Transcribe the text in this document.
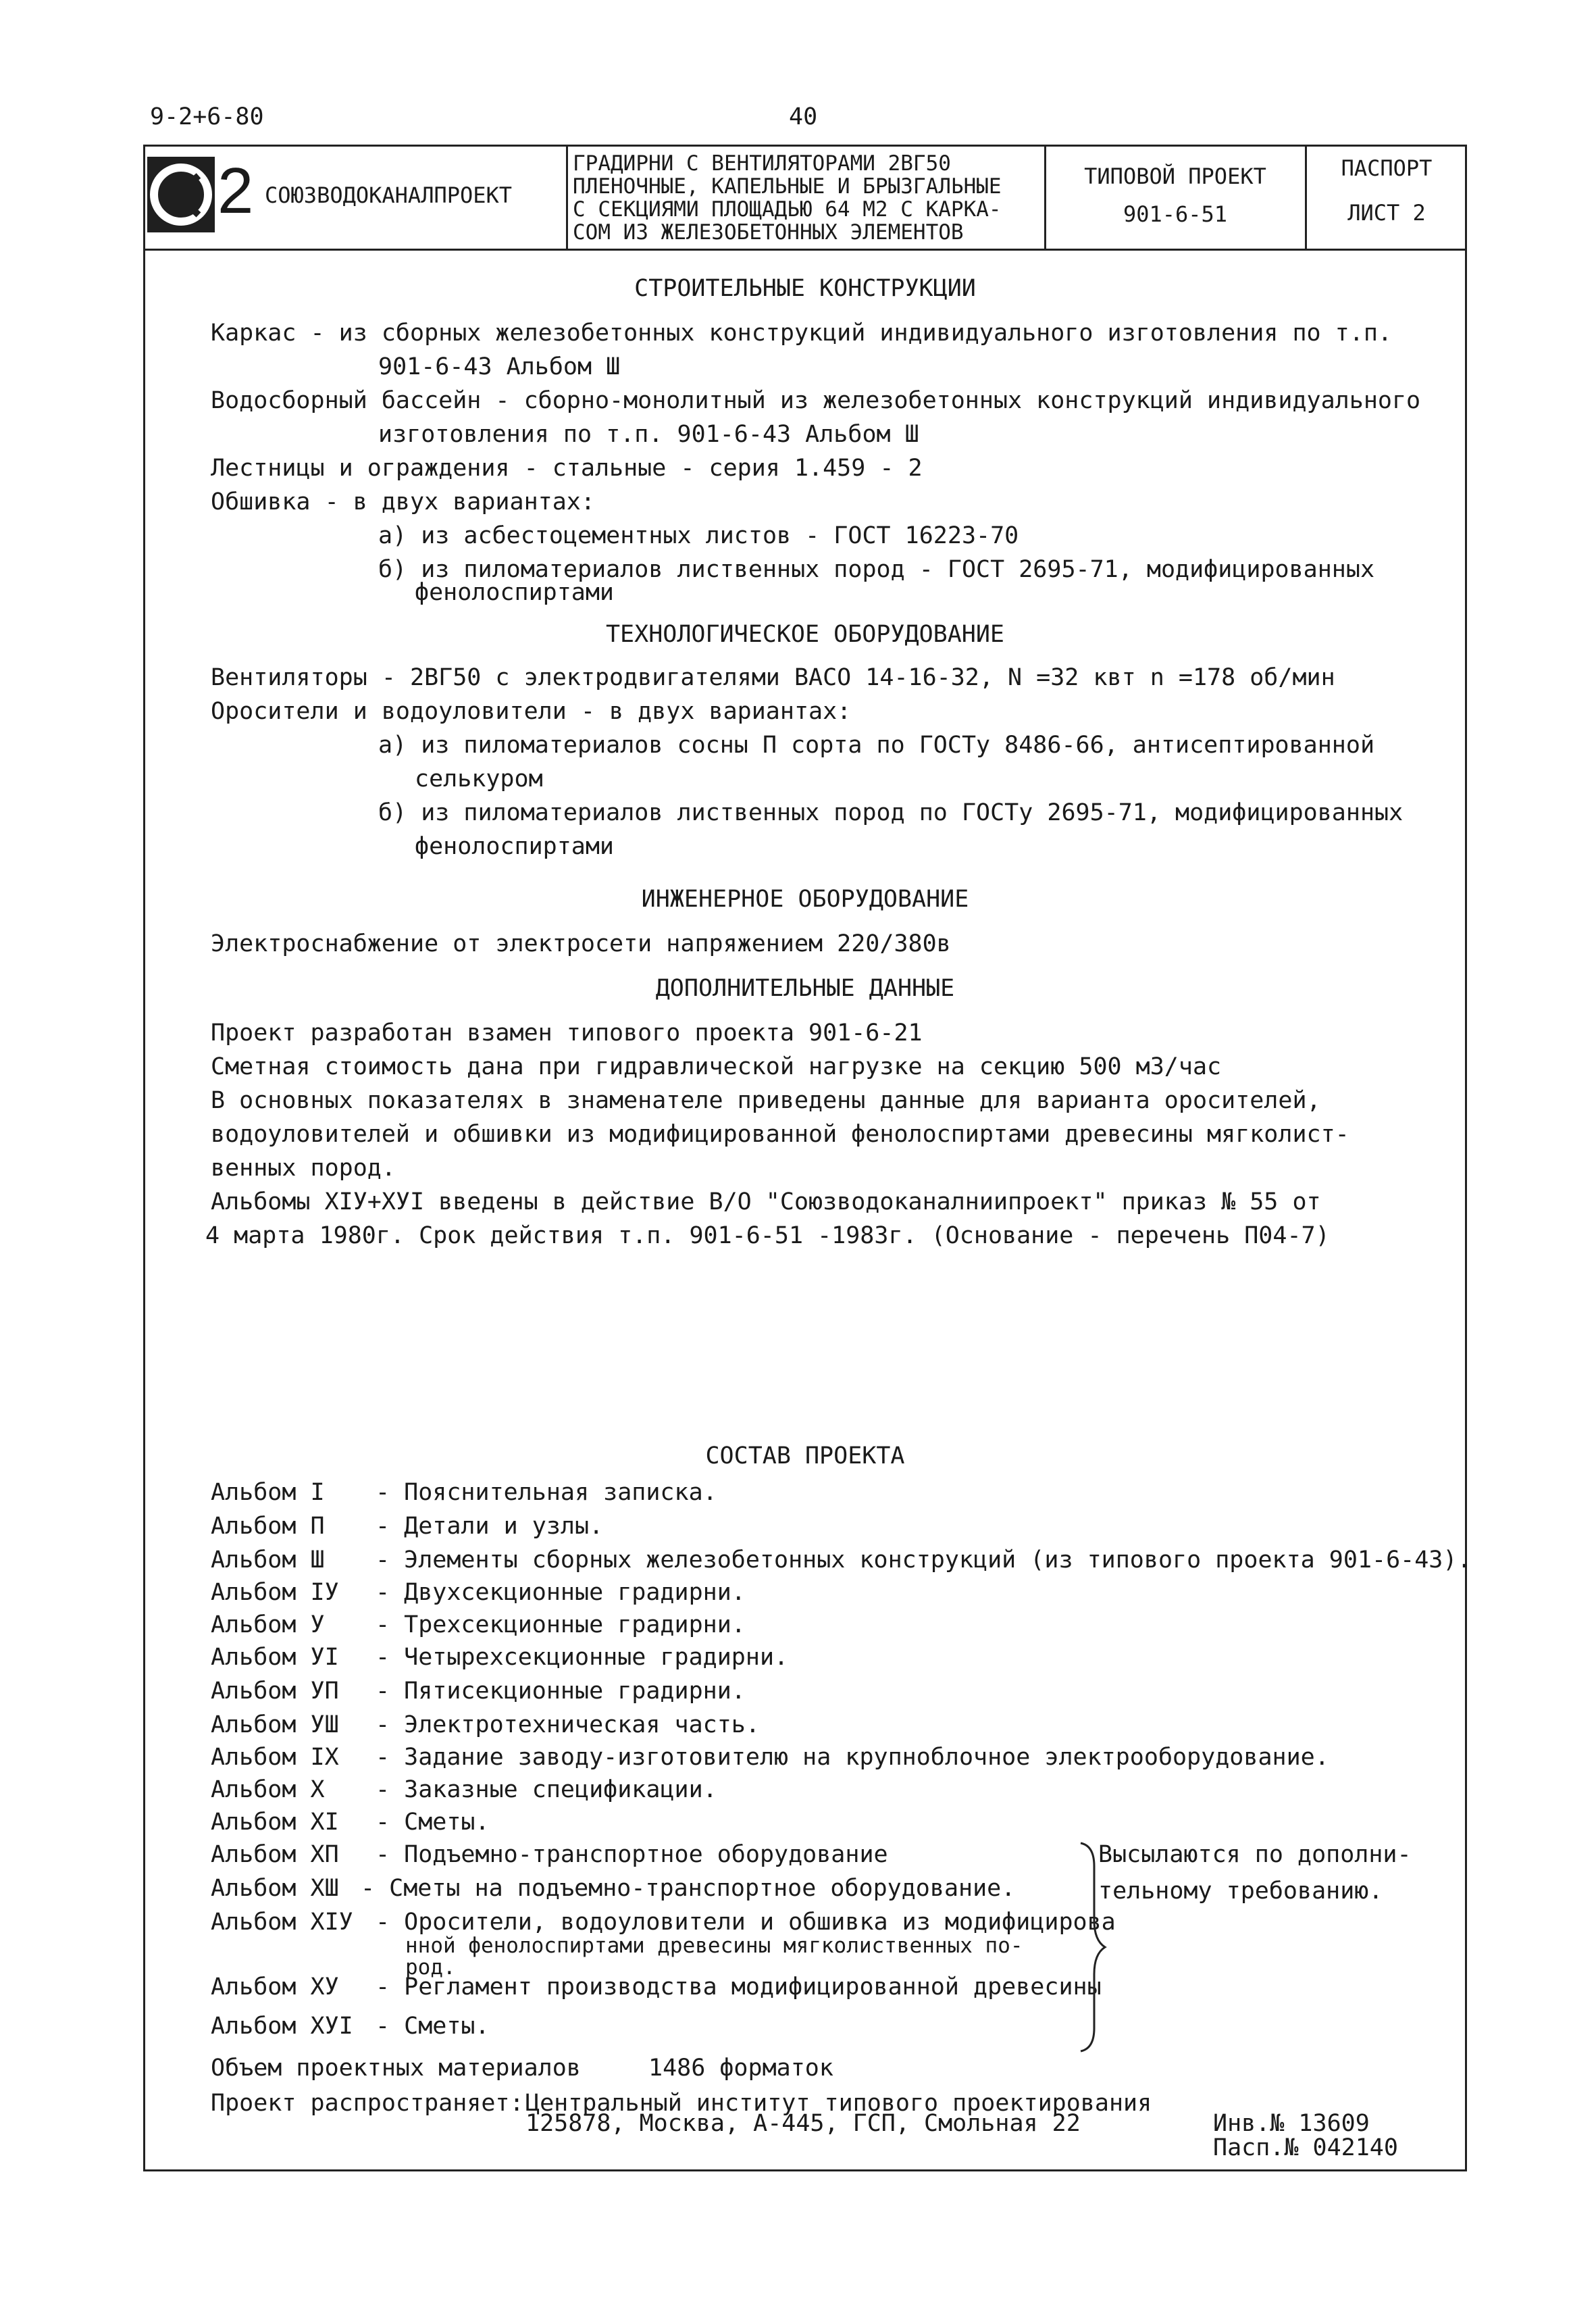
9-2+6-80	40
2 СОЮЗВОДОКАНАЛПРОЕКТ
ГРАДИРНИ С ВЕНТИЛЯТОРАМИ 2ВГ50
ПЛЕНОЧНЫЕ, КАПЕЛЬНЫЕ И БРЫЗГАЛЬНЫЕ
С СЕКЦИЯМИ ПЛОЩАДЬЮ 64 М2 С КАРКА-
СОМ ИЗ ЖЕЛЕЗОБЕТОННЫХ ЭЛЕМЕНТОВ
ТИПОВОЙ ПРОЕКТ
901-6-51
ПАСПОРТ
ЛИСТ 2
СТРОИТЕЛЬНЫЕ КОНСТРУКЦИИ
Каркас - из сборных железобетонных конструкций индивидуального изготовления по т.п.
901-6-43 Альбом Ш
Водосборный бассейн - сборно-монолитный из железобетонных конструкций индивидуального
изготовления по т.п. 901-6-43 Альбом Ш
Лестницы и ограждения - стальные - серия 1.459 - 2
Обшивка - в двух вариантах:
а) из асбестоцементных листов - ГОСТ 16223-70
б) из пиломатериалов лиственных пород - ГОСТ 2695-71, модифицированных
фенолоспиртами
ТЕХНОЛОГИЧЕСКОЕ ОБОРУДОВАНИЕ
Вентиляторы - 2ВГ50 с электродвигателями ВАСО 14-16-32, N =32 квт n =178 об/мин
Оросители и водоуловители - в двух вариантах:
а) из пиломатериалов сосны П сорта по ГОСТу 8486-66, антисептированной
селькуром
б) из пиломатериалов лиственных пород по ГОСТу 2695-71, модифицированных
фенолоспиртами
ИНЖЕНЕРНОЕ ОБОРУДОВАНИЕ
Электроснабжение от электросети напряжением 220/380в
ДОПОЛНИТЕЛЬНЫЕ ДАННЫЕ
Проект разработан взамен типового проекта 901-6-21
Сметная стоимость дана при гидравлической нагрузке на секцию 500 м3/час
В основных показателях в знаменателе приведены данные для варианта оросителей,
водоуловителей и обшивки из модифицированной фенолоспиртами древесины мягколист-
венных пород.
Альбомы XIУ+ХУI введены в действие В/О "Союзводоканалниипроект" приказ № 55 от
4 марта 1980г. Срок действия т.п. 901-6-51 -1983г. (Основание - перечень П04-7)
СОСТАВ ПРОЕКТА
Альбом I - Пояснительная записка.
Альбом П - Детали и узлы.
Альбом Ш - Элементы сборных железобетонных конструкций (из типового проекта 901-6-43).
Альбом IУ - Двухсекционные градирни.
Альбом У - Трехсекционные градирни.
Альбом УI - Четырехсекционные градирни.
Альбом УП - Пятисекционные градирни.
Альбом УШ - Электротехническая часть.
Альбом IХ - Задание заводу-изготовителю на крупноблочное электрооборудование.
Альбом Х - Заказные спецификации.
Альбом ХI - Сметы.
Альбом ХП - Подъемно-транспортное оборудование
Альбом ХШ - Сметы на подъемно-транспортное оборудование.
Альбом ХIУ - Оросители, водоуловители и обшивка из модифицирова
нной фенолоспиртами древесины мягколиственных по-
род.
Альбом ХУ - Регламент производства модифицированной древесины
Альбом ХУI - Сметы.
Высылаются по дополни-
тельному требованию.
Объем проектных материалов	1486 форматок
Проект распространяет: Центральный институт типового проектирования
125878, Москва, А-445, ГСП, Смольная 22	Инв.№ 13609
Пасп.№ 042140
